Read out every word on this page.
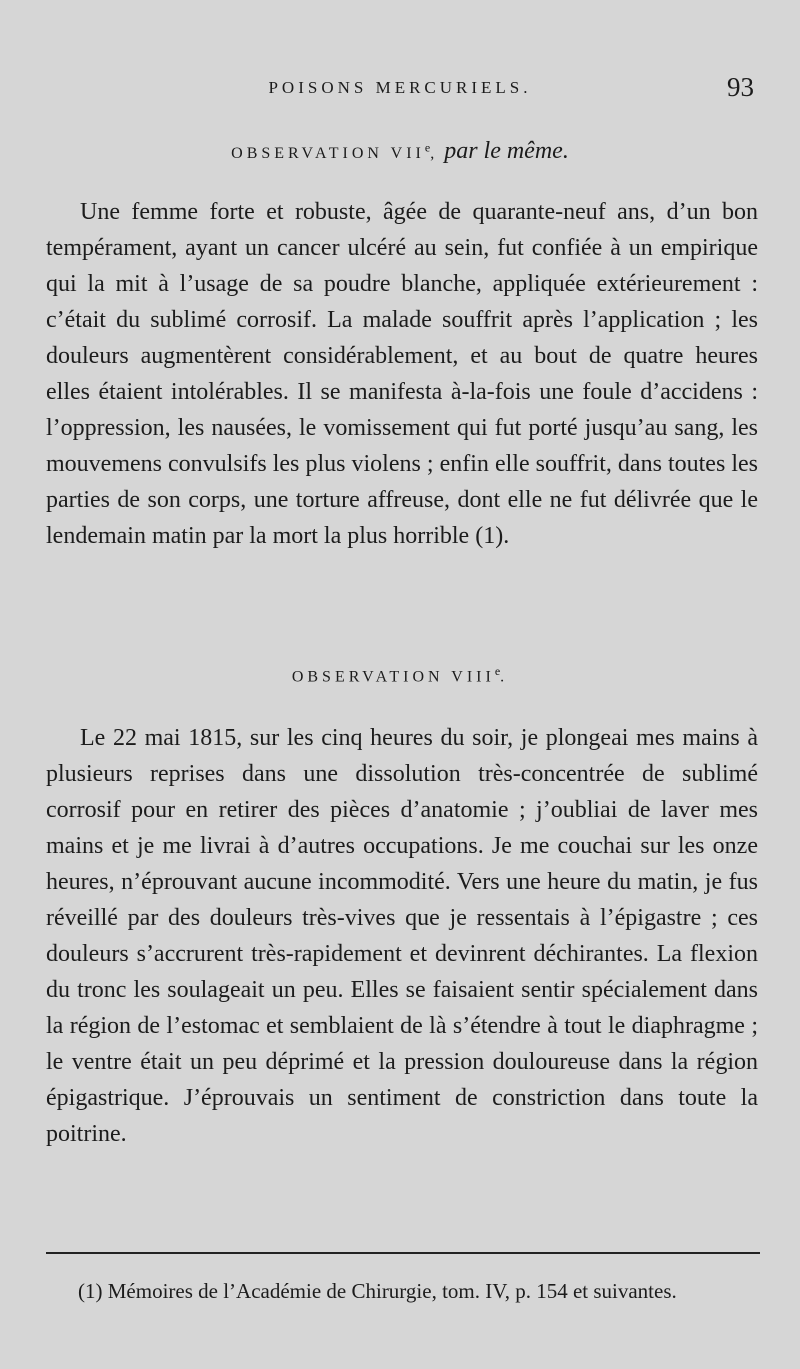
POISONS MERCURIELS.	93
OBSERVATION VIIe, par le même.

Une femme forte et robuste, âgée de quarante-neuf ans, d’un bon tempérament, ayant un cancer ulcéré au sein, fut confiée à un empirique qui la mit à l’usage de sa poudre blanche, appliquée extérieurement : c’était du sublimé corrosif. La malade souffrit après l’application ; les douleurs augmentèrent considérablement, et au bout de quatre heures elles étaient intolérables. Il se manifesta à-la-fois une foule d’accidens : l’oppression, les nausées, le vomissement qui fut porté jusqu’au sang, les mouvemens convulsifs les plus violens ; enfin elle souffrit, dans toutes les parties de son corps, une torture affreuse, dont elle ne fut délivrée que le lendemain matin par la mort la plus horrible (1).

OBSERVATION VIIIe.

Le 22 mai 1815, sur les cinq heures du soir, je plongeai mes mains à plusieurs reprises dans une dissolution très-concentrée de sublimé corrosif pour en retirer des pièces d’anatomie ; j’oubliai de laver mes mains et je me livrai à d’autres occupations. Je me couchai sur les onze heures, n’éprouvant aucune incommodité. Vers une heure du matin, je fus réveillé par des douleurs très-vives que je ressentais à l’épigastre ; ces douleurs s’accrurent très-rapidement et devinrent déchirantes. La flexion du tronc les soulageait un peu. Elles se faisaient sentir spécialement dans la région de l’estomac et semblaient de là s’étendre à tout le diaphragme ; le ventre était un peu déprimé et la pression douloureuse dans la région épigastrique. J’éprouvais un sentiment de constriction dans toute la poitrine.

(1) Mémoires de l’Académie de Chirurgie, tom. IV, p. 154 et suivantes.
